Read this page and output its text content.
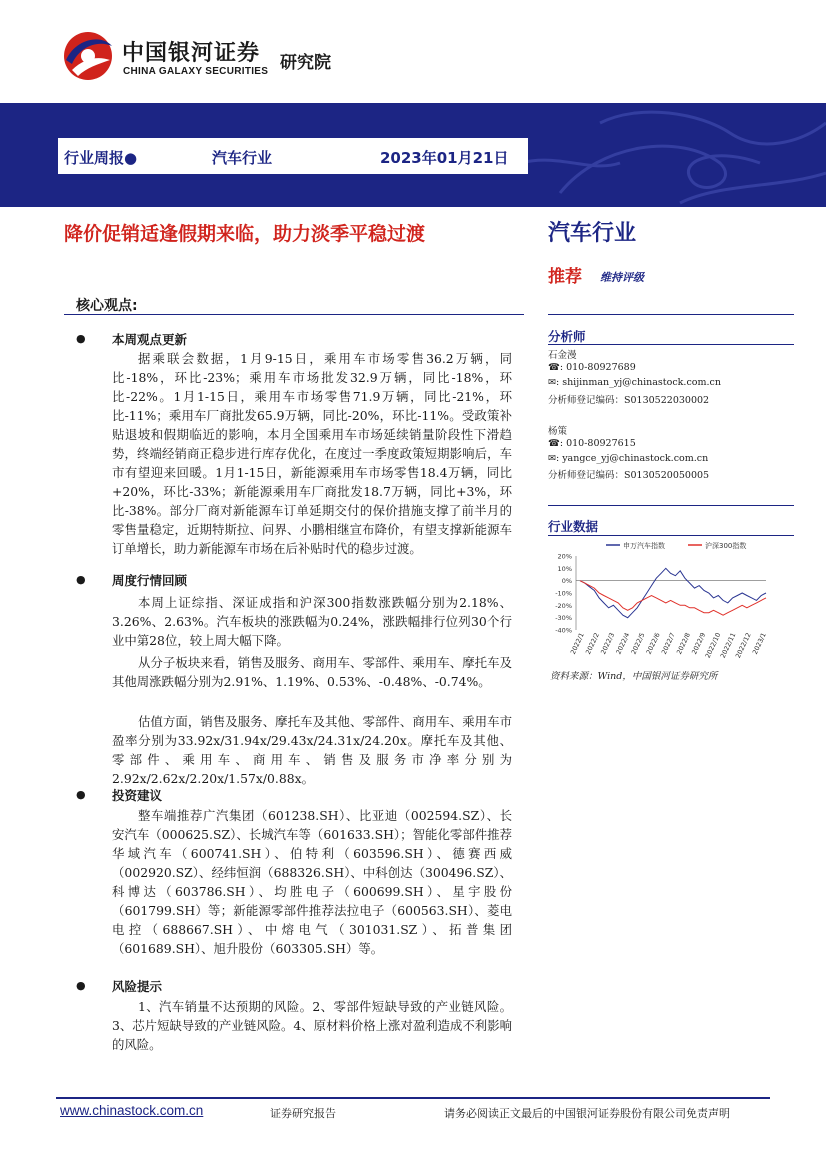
中国银河证券
CHINA GALAXY SECURITIES 研究院
行业周报●	汽车行业	2023年01月21日
降价促销适逢假期来临，助力淡季平稳过渡	汽车行业
推荐 维持评级
核心观点:
● 本周观点更新

据乘联会数据，1月9-15日，乘用车市场零售36.2万辆，同比-18%，环比-23%；乘用车市场批发32.9万辆，同比-18%，环比-22%。1月1-15日，乘用车市场零售71.9万辆，同比-21%，环比-11%；乘用车厂商批发65.9万辆，同比-20%，环比-11%。受政策补贴退坡和假期临近的影响，本月全国乘用车市场延续销量阶段性下滑趋势，终端经销商正稳步进行库存优化，在度过一季度政策短期影响后，车市有望迎来回暖。1月1-15日，新能源乘用车市场零售18.4万辆，同比+20%，环比-33%；新能源乘用车厂商批发18.7万辆，同比+3%，环比-38%。部分厂商对新能源车订单延期交付的保价措施支撑了前半月的零售量稳定，近期特斯拉、问界、小鹏相继宣布降价，有望支撑新能源车订单增长，助力新能源车市场在后补贴时代的稳步过渡。

● 周度行情回顾

本周上证综指、深证成指和沪深300指数涨跌幅分别为2.18%、3.26%、2.63%。汽车板块的涨跌幅为0.24%，涨跌幅排行位列30个行业中第28位，较上周大幅下降。

从分子板块来看，销售及服务、商用车、零部件、乘用车、摩托车及其他周涨跌幅分别为2.91%、1.19%、0.53%、-0.48%、-0.74%。

估值方面，销售及服务、摩托车及其他、零部件、商用车、乘用车市盈率分别为33.92x/31.94x/29.43x/24.31x/24.20x。摩托车及其他、零部件、乘用车、商用车、销售及服务市净率分别为2.92x/2.62x/2.20x/1.57x/0.88x。

● 投资建议

整车端推荐广汽集团（601238.SH）、比亚迪（002594.SZ）、长安汽车（000625.SZ）、长城汽车等（601633.SH）；智能化零部件推荐华域汽车（600741.SH）、伯特利（603596.SH）、德赛西威（002920.SZ）、经纬恒润（688326.SH）、中科创达（300496.SZ）、科博达（603786.SH）、均胜电子（600699.SH）、星宇股份（601799.SH）等；新能源零部件推荐法拉电子（600563.SH）、菱电电控（688667.SH）、中熔电气（301031.SZ）、拓普集团（601689.SH）、旭升股份（603305.SH）等。

● 风险提示

1、汽车销量不达预期的风险。2、零部件短缺导致的产业链风险。3、芯片短缺导致的产业链风险。4、原材料价格上涨对盈利造成不利影响的风险。

分析师
石金漫
☎: 010-80927689
✉: shijinman_yj@chinastock.com.cn
分析师登记编码：S0130522030002
杨策
☎: 010-80927615
✉: yangce_yj@chinastock.com.cn
分析师登记编码：S0130520050005
行业数据
申万汽车指数	沪深300指数
20%
10%
0%
-10%
-20%
-30%
-40%
2022/1
2022/2
2022/3
2022/4
2022/5
2022/6
2022/7
2022/8
2022/9
2022/10
2022/11
2022/12
2023/1
资料来源：Wind，中国银河证券研究所
www.chinastock.com.cn	证券研究报告	请务必阅读正文最后的中国银河证券股份有限公司免责声明
